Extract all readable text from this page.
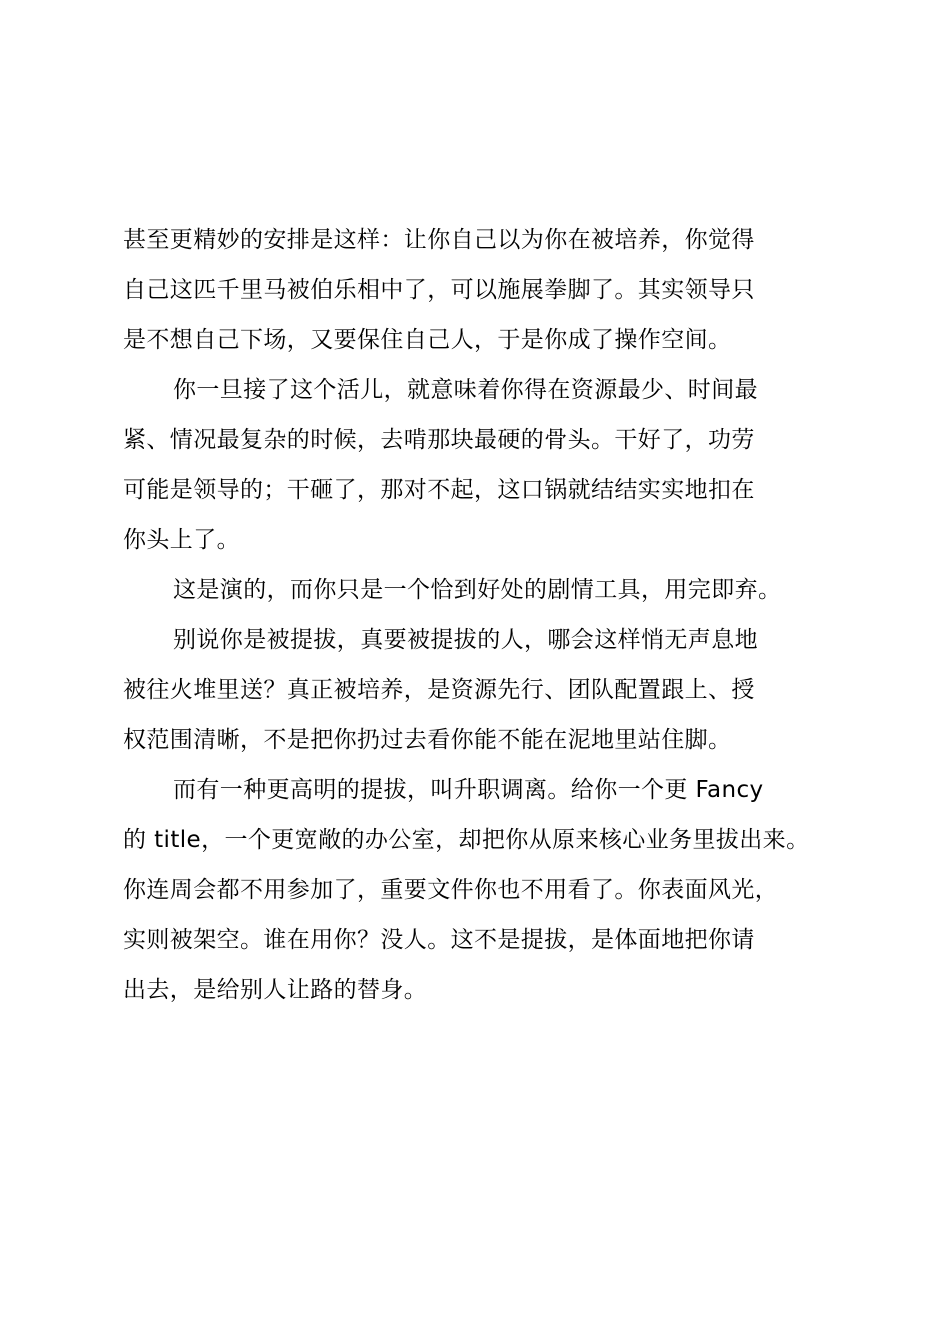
甚至更精妙的安排是这样：让你自己以为你在被培养，你觉得
自己这匹千里马被伯乐相中了，可以施展拳脚了。其实领导只
是不想自己下场，又要保住自己人，于是你成了操作空间。
你一旦接了这个活儿，就意味着你得在资源最少、时间最
紧、情况最复杂的时候，去啃那块最硬的骨头。干好了，功劳
可能是领导的；干砸了，那对不起，这口锅就结结实实地扣在
你头上了。
这是演的，而你只是一个恰到好处的剧情工具，用完即弃。
别说你是被提拔，真要被提拔的人，哪会这样悄无声息地
被往火堆里送？真正被培养，是资源先行、团队配置跟上、授
权范围清晰，不是把你扔过去看你能不能在泥地里站住脚。
而有一种更高明的提拔，叫升职调离。给你一个更 Fancy
的 title，一个更宽敞的办公室，却把你从原来核心业务里拔出来。
你连周会都不用参加了，重要文件你也不用看了。你表面风光，
实则被架空。谁在用你？没人。这不是提拔，是体面地把你请
出去，是给别人让路的替身。
